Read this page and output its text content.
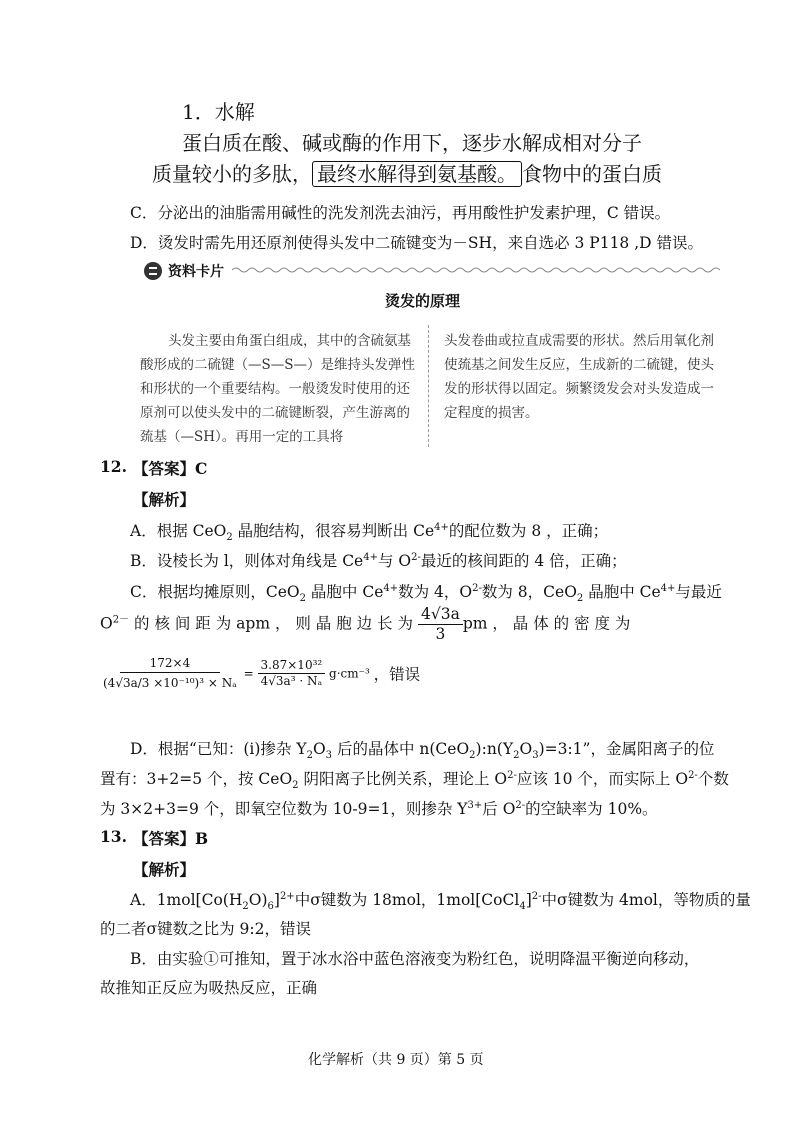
1．水解
蛋白质在酸、碱或酶的作用下，逐步水解成相对分子
质量较小的多肽， 最终水解得到氨基酸。 食物中的蛋白质
C．分泌出的油脂需用碱性的洗发剂洗去油污，再用酸性护发素护理，C 错误。
D．烫发时需先用还原剂使得头发中二硫键变为－SH，来自选必 3 P118 ,D 错误。
资料卡片
烫发的原理
头发主要由角蛋白组成，其中的含硫氨基酸形成的二硫键（—S—S—）是维持头发弹性和形状的一个重要结构。一般烫发时使用的还原剂可以使头发中的二硫键断裂，产生游离的巯基（—SH）。再用一定的工具将
头发卷曲或拉直成需要的形状。然后用氧化剂使巯基之间发生反应，生成新的二硫键，使头发的形状得以固定。频繁烫发会对头发造成一定程度的损害。
12. 【答案】C
【解析】
A．根据 CeO$_2$ 晶胞结构，很容易判断出 $Ce^{4+}$的配位数为 8 ，正确；
B．设棱长为 l，则体对角线是 $Ce^{4+}$与 $O^{2-}$最近的核间距的 4 倍，正确；
C．根据均摊原则，CeO$_2$ 晶胞中 $Ce^{4+}$数为 4，$O^{2-}$数为 8，CeO$_2$ 晶胞中 $Ce^{4+}$与最近
$O^{2-}$ 的 核 间 距 为 apm ， 则 晶 胞 边 长 为 $\frac{4√3a}{3}$ pm ， 晶 体 的 密 度 为
$\frac{172\times 4}{\text{(4√3a/3 ×10⁻¹⁰)³ × Nₐ}} = \frac{\text{3.87×10³²}}{\text{4√3a³ · Nₐ}} g\cdot cm^{-3}$ ，错误
D．根据“已知：(i)掺杂 $Y_2O_3$ 后的晶体中 $n(CeO_2):n(Y_2O_3)=3:1$”，金属阳离子的位
置有：3+2=5 个，按 CeO$_2$ 阴阳离子比例关系，理论上 $O^{2-}$应该 10 个，而实际上 $O^{2-}$个数
为 3×2+3=9 个，即氧空位数为 10-9=1，则掺杂 $Y^{3+}$后 $O^{2-}$的空缺率为 10%。
13. 【答案】B
【解析】
A．$1mol[Co(H_2O)_6]^{2+}$中σ键数为 18mol，1mol[CoCl$_4$]$^{2-}$中σ键数为 4mol，等物质的量
的二者σ键数之比为 9:2，错误
B．由实验①可推知，置于冰水浴中蓝色溶液变为粉红色，说明降温平衡逆向移动，
故推知正反应为吸热反应，正确
化学解析（共 9 页）第 5 页
